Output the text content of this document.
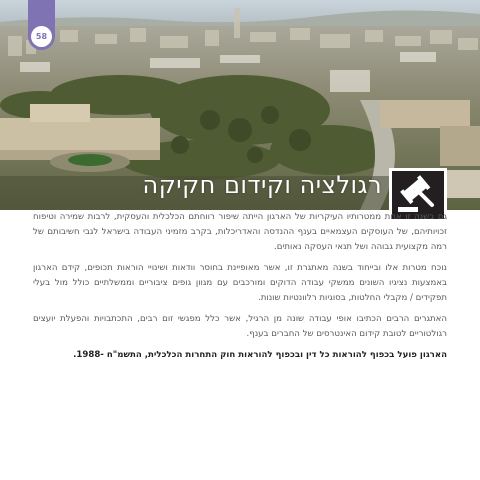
58
רגולציה וקידום חקיקה

גם בשנה זו אחת ממטרותיו העיקריות של הארגון הייתה שיפור רווחתם הכלכלית והעסקית, לרבות שמירה וטיפוח זכויותיהם, של העוסקים העצמאיים בענף ההנדסה והאדריכלות, בקרב מזמיני העבודה בישראל לגבי חשיבותם של רמה מקצועית גבוהה ושל תנאי העסקה נאותים.

נוכח מטרות אלו ובייחוד בשנה מאתגרת זו, אשר מאופיינת בחוסר וודאות ושינויי הוראות תכופים, קידם הארגון באמצעות נציגיו השונים ממשקי עבודה הדוקים ומורכבים עם מגוון גופים ציבוריים וממשלתיים כולל מול בעלי תפקידים / מקבלי החלטות, בסוגיות רלוונטיות שונות.

האתגרים הרבים הכתיבו אופי עבודה שונה מן הרגיל, אשר כלל מפגשי זום רבים, התכתבויות והפעלת יועצים רגולטוריים לטובת קידום האינטרסים של החברים בענף.

הארגון פועל בכפוף להוראות כל דין ובכפוף להוראות חוק התחרות הכלכלית, התשמ"ח -1988.
